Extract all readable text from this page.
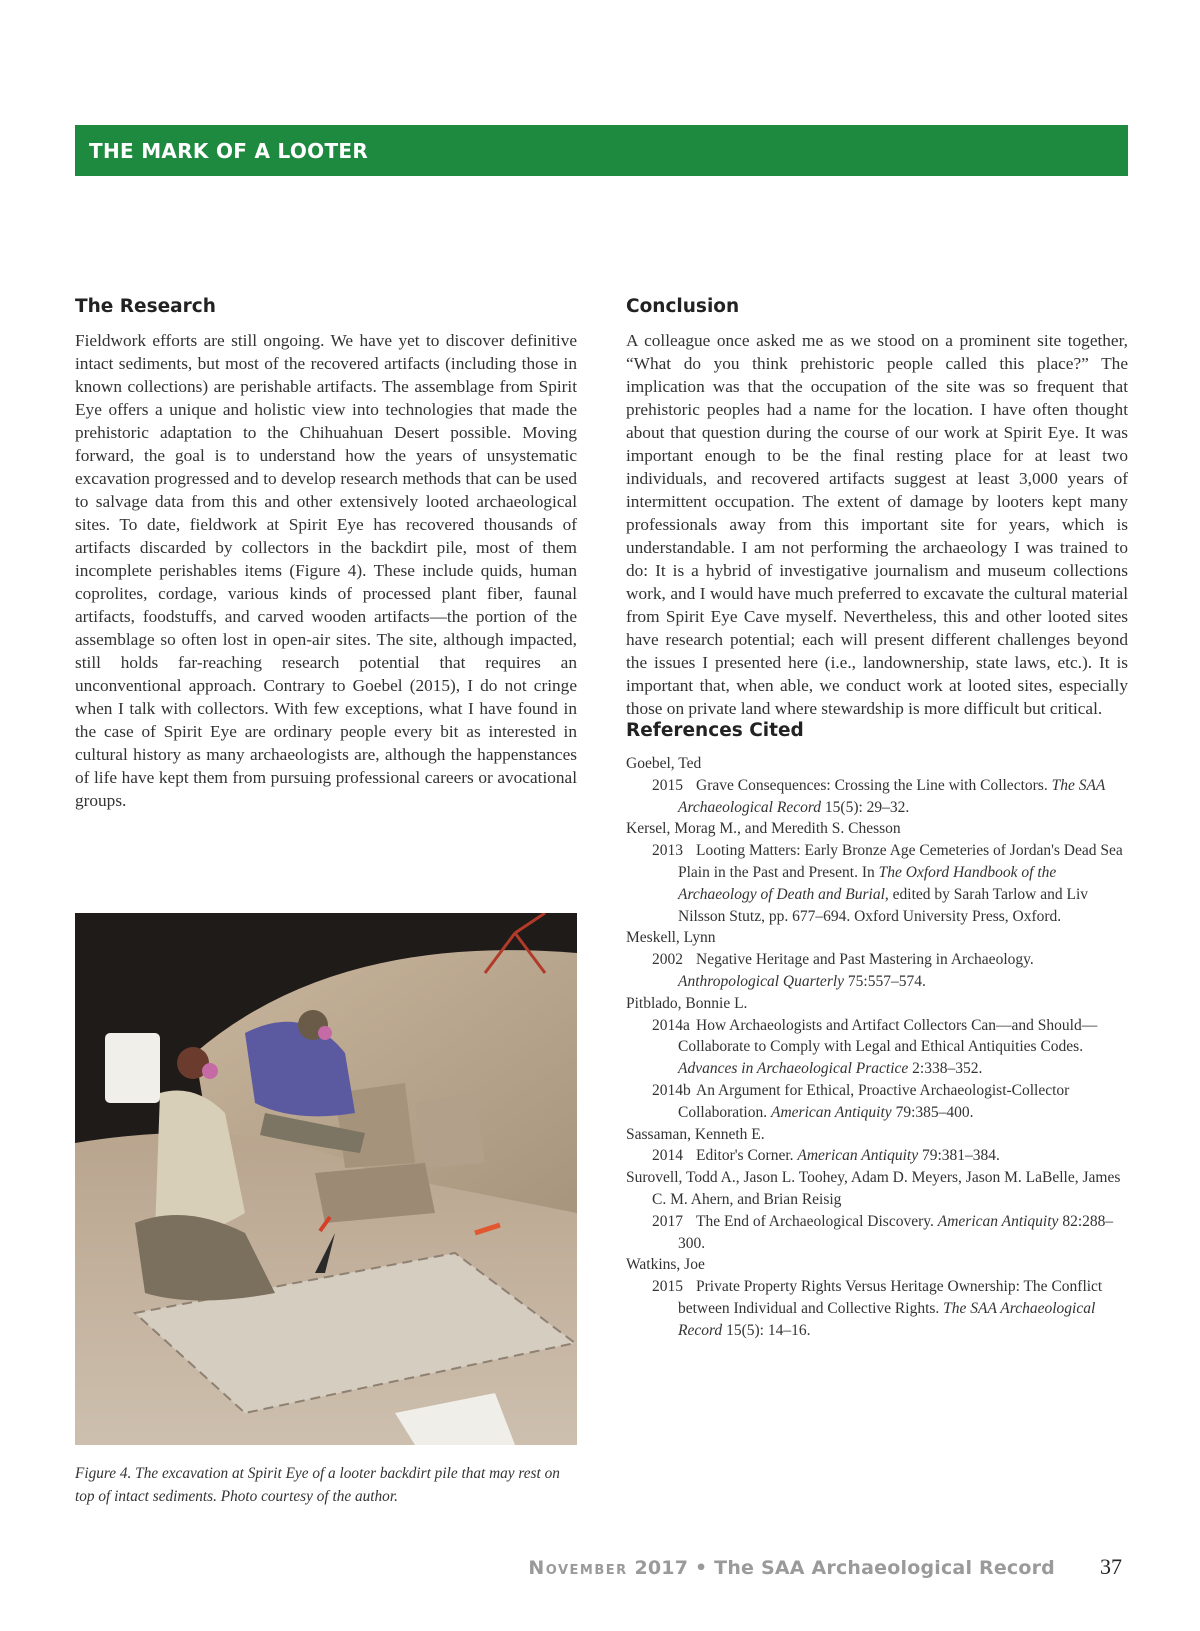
THE MARK OF A LOOTER
The Research

Fieldwork efforts are still ongoing. We have yet to discover definitive intact sediments, but most of the recovered artifacts (including those in known collections) are perishable artifacts. The assemblage from Spirit Eye offers a unique and holistic view into technologies that made the prehistoric adaptation to the Chihuahuan Desert possible. Moving forward, the goal is to understand how the years of unsystematic excavation progressed and to develop research methods that can be used to salvage data from this and other extensively looted archaeological sites. To date, fieldwork at Spirit Eye has recovered thousands of artifacts discarded by collectors in the backdirt pile, most of them incomplete perishables items (Figure 4). These include quids, human coprolites, cordage, various kinds of processed plant fiber, faunal artifacts, foodstuffs, and carved wooden artifacts—the portion of the assemblage so often lost in open-air sites. The site, although impacted, still holds far-reaching research potential that requires an unconventional approach. Contrary to Goebel (2015), I do not cringe when I talk with collectors. With few exceptions, what I have found in the case of Spirit Eye are ordinary people every bit as interested in cultural history as many archaeologists are, although the happenstances of life have kept them from pursuing professional careers or avocational groups.

Figure 4. The excavation at Spirit Eye of a looter backdirt pile that may rest on top of intact sediments. Photo courtesy of the author.
Conclusion

A colleague once asked me as we stood on a prominent site together, “What do you think prehistoric people called this place?” The implication was that the occupation of the site was so frequent that prehistoric peoples had a name for the location. I have often thought about that question during the course of our work at Spirit Eye. It was important enough to be the final resting place for at least two individuals, and recovered artifacts suggest at least 3,000 years of intermittent occupation. The extent of damage by looters kept many professionals away from this important site for years, which is understandable. I am not performing the archaeology I was trained to do: It is a hybrid of investigative journalism and museum collections work, and I would have much preferred to excavate the cultural material from Spirit Eye Cave myself. Nevertheless, this and other looted sites have research potential; each will present different challenges beyond the issues I presented here (i.e., landownership, state laws, etc.). It is important that, when able, we conduct work at looted sites, especially those on private land where stewardship is more difficult but critical.

References Cited

Goebel, Ted

2015 Grave Consequences: Crossing the Line with Collectors. The SAA Archaeological Record 15(5): 29–32.

Kersel, Morag M., and Meredith S. Chesson

2013 Looting Matters: Early Bronze Age Cemeteries of Jordan's Dead Sea Plain in the Past and Present. In The Oxford Handbook of the Archaeology of Death and Burial, edited by Sarah Tarlow and Liv Nilsson Stutz, pp. 677–694. Oxford University Press, Oxford.

Meskell, Lynn

2002 Negative Heritage and Past Mastering in Archaeology. Anthropological Quarterly 75:557–574.

Pitblado, Bonnie L.

2014a How Archaeologists and Artifact Collectors Can—and Should—Collaborate to Comply with Legal and Ethical Antiquities Codes. Advances in Archaeological Practice 2:338–352.

2014b An Argument for Ethical, Proactive Archaeologist-Collector Collaboration. American Antiquity 79:385–400.

Sassaman, Kenneth E.

2014 Editor's Corner. American Antiquity 79:381–384.

Surovell, Todd A., Jason L. Toohey, Adam D. Meyers, Jason M. LaBelle, James C. M. Ahern, and Brian Reisig

2017 The End of Archaeological Discovery. American Antiquity 82:288–300.

Watkins, Joe

2015 Private Property Rights Versus Heritage Ownership: The Conflict between Individual and Collective Rights. The SAA Archaeological Record 15(5): 14–16.

November 2017 • The SAA Archaeological Record 37
